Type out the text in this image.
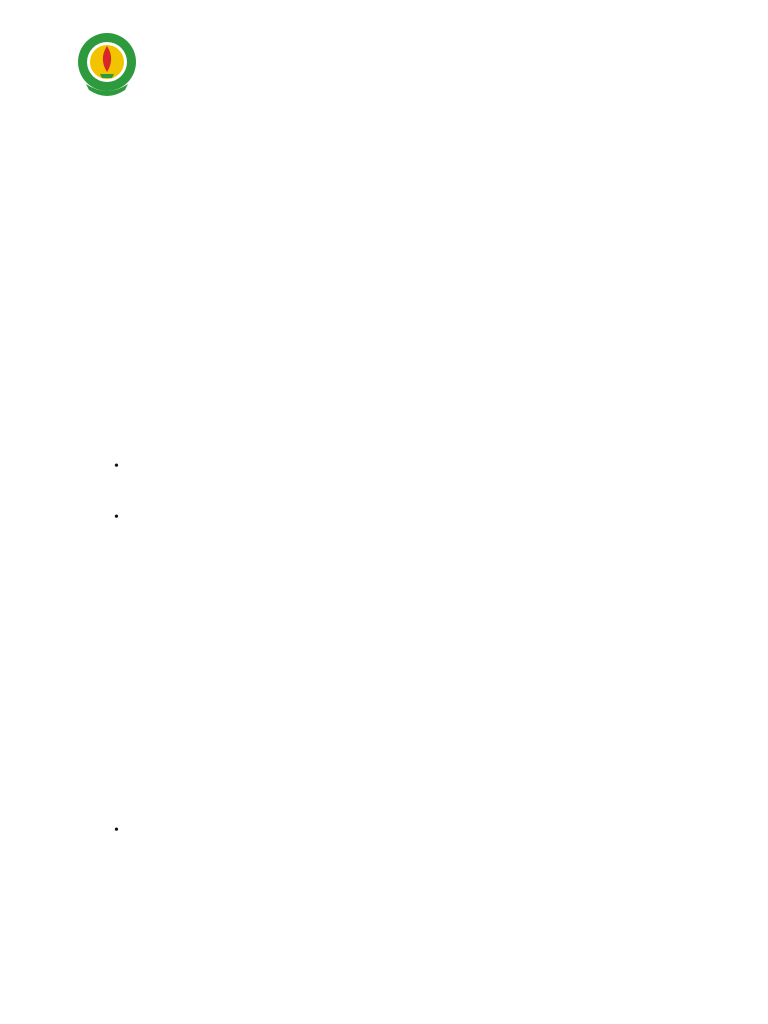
•
•
•
